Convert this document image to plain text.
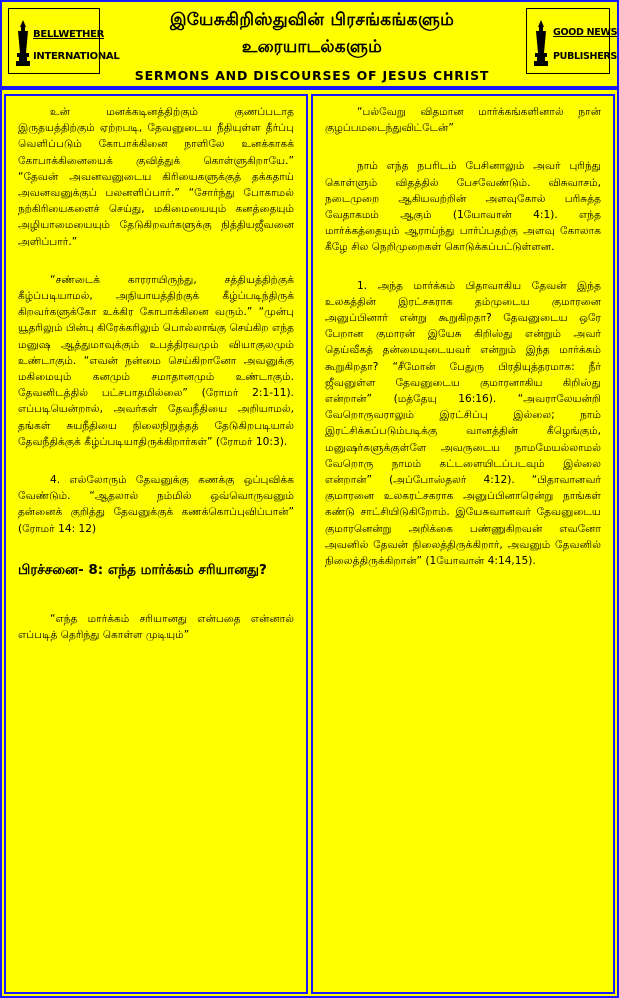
BELLWETHER
INTERNATIONAL
இயேசுகிறிஸ்துவின் பிரசங்கங்களும்
உரையாடல்களும்
SERMONS AND DISCOURSES OF JESUS CHRIST
GOOD NEWS
PUBLISHERS

உன் மனக்கடினத்திற்கும் குணப்படாத இருதயத்திற்கும் ஏற்றபடி, தேவனுடைய நீதியுள்ள தீர்ப்பு வெளிப்படும் கோபாக்கினை நாளிலே உனக்காகக் கோபாக்கினையைக் குவித்துக் கொள்ளுகிறாயே.” “தேவன் அவனவனுடைய கிரியைகளுக்குத் தக்கதாய் அவனவனுக்குப் பலனளிப்பார்.” “சோர்ந்து போகாமல் நற்கிரியைகளைச் செய்து, மகிமையையும் கனத்தையும் அழியாமையையும் தேடுகிறவர்களுக்கு நித்தியஜீவனை அளிப்பார்.”

“சண்டைக் காரராயிருந்து, சத்தியத்திற்குக் கீழ்ப்படியாமல், அநியாயத்திற்குக் கீழ்ப்படிந்திருக் கிறவர்களுக்கோ உக்கிர கோபாக்கினை வரும்.” “முன்பு யூதரிலும் பின்பு கிரேக்கரிலும் பொல்லாங்கு செய்கிற எந்த மனுஷ ஆத்துமாவுக்கும் உபத்திரவமும் வியாகுலமும் உண்டாகும். “எவன் நன்மை செய்கிறானோ அவனுக்கு மகிமையும் கனமும் சமாதானமும் உண்டாகும். தேவனிடத்தில் பட்சபாதமில்லை” (ரோமர் 2:1-11). எப்படியென்றால், அவர்கள் தேவநீதியை அறியாமல், தங்கள் சுயநீதியை நிலைநிறுத்தத் தேடுகிறபடியால் தேவநீதிக்குக் கீழ்ப்படியாதிருக்கிறார்கள்” (ரோமர் 10:3).

4. எல்லோரும் தேவனுக்கு கணக்கு ஒப்புவிக்க வேண்டும். “ஆதலால் நம்மில் ஒவ்வொருவனும் தன்னைக் குறித்து தேவனுக்குக் கணக்கொப்புவிப்பான்” (ரோமர் 14: 12)

பிரச்சனை- 8: எந்த மார்க்கம் சரியானது?

“எந்த மார்க்கம் சரியானது என்பதை என்னால் எப்படித் தெரிந்து கொள்ள முடியும்”

“பல்வேறு விதமான மார்க்கங்களினால் நான் குழப்பமடைந்துவிட்டேன்”

நாம் எந்த நபரிடம் பேசினாலும் அவர் புரிந்து கொள்ளும் விதத்தில் பேசவேண்டும். விசுவாசம், நடைமுறை ஆகியவற்றின் அளவுகோல் பரிசுத்த வேதாகமம் ஆகும் (1யோவான் 4:1). எந்த மார்க்கத்தையும் ஆராய்ந்து பார்ப்பதற்கு அளவு கோலாக கீழே சில நெறிமுறைகள் கொடுக்கப்பட்டுள்ளன.

1. அந்த மார்க்கம் பிதாவாகிய தேவன் இந்த உலகத்தின் இரட்சகராக தம்முடைய குமாரனை அனுப்பினார் என்று கூறுகிறதா? தேவனுடைய ஒரே பேறான குமாரன் இயேசு கிறிஸ்து என்றும் அவர் தெய்வீகத் தன்மையுடையவர் என்றும் இந்த மார்க்கம் கூறுகிறதா? “சீமோன் பேதுரு பிரதியுத்தரமாக: நீர் ஜீவனுள்ள தேவனுடைய குமாரனாகிய கிறிஸ்து என்றான்” (மத்தேயு 16:16). “அவராலேயன்றி வேறொருவராலும் இரட்சிப்பு இல்லை; நாம் இரட்சிக்கப்படும்படிக்கு வானத்தின் கீழெங்கும், மனுஷர்களுக்குள்ளே அவருடைய நாமமேயல்லாமல் வேறொரு நாமம் கட்டளையிடப்படவும் இல்லை என்றான்” (அப்போஸ்தலர் 4:12). “பிதாவானவர் குமாரனை உலகரட்சகராக அனுப்பினாரென்று நாங்கள் கண்டு சாட்சியிடுகிறோம். இயேசுவானவர் தேவனுடைய குமாரனென்று அறிக்கை பண்ணுகிறவன் எவனோ அவனில் தேவன் நிலைத்திருக்கிறார், அவனும் தேவனில் நிலைத்திருக்கிறான்” (1யோவான் 4:14,15).
